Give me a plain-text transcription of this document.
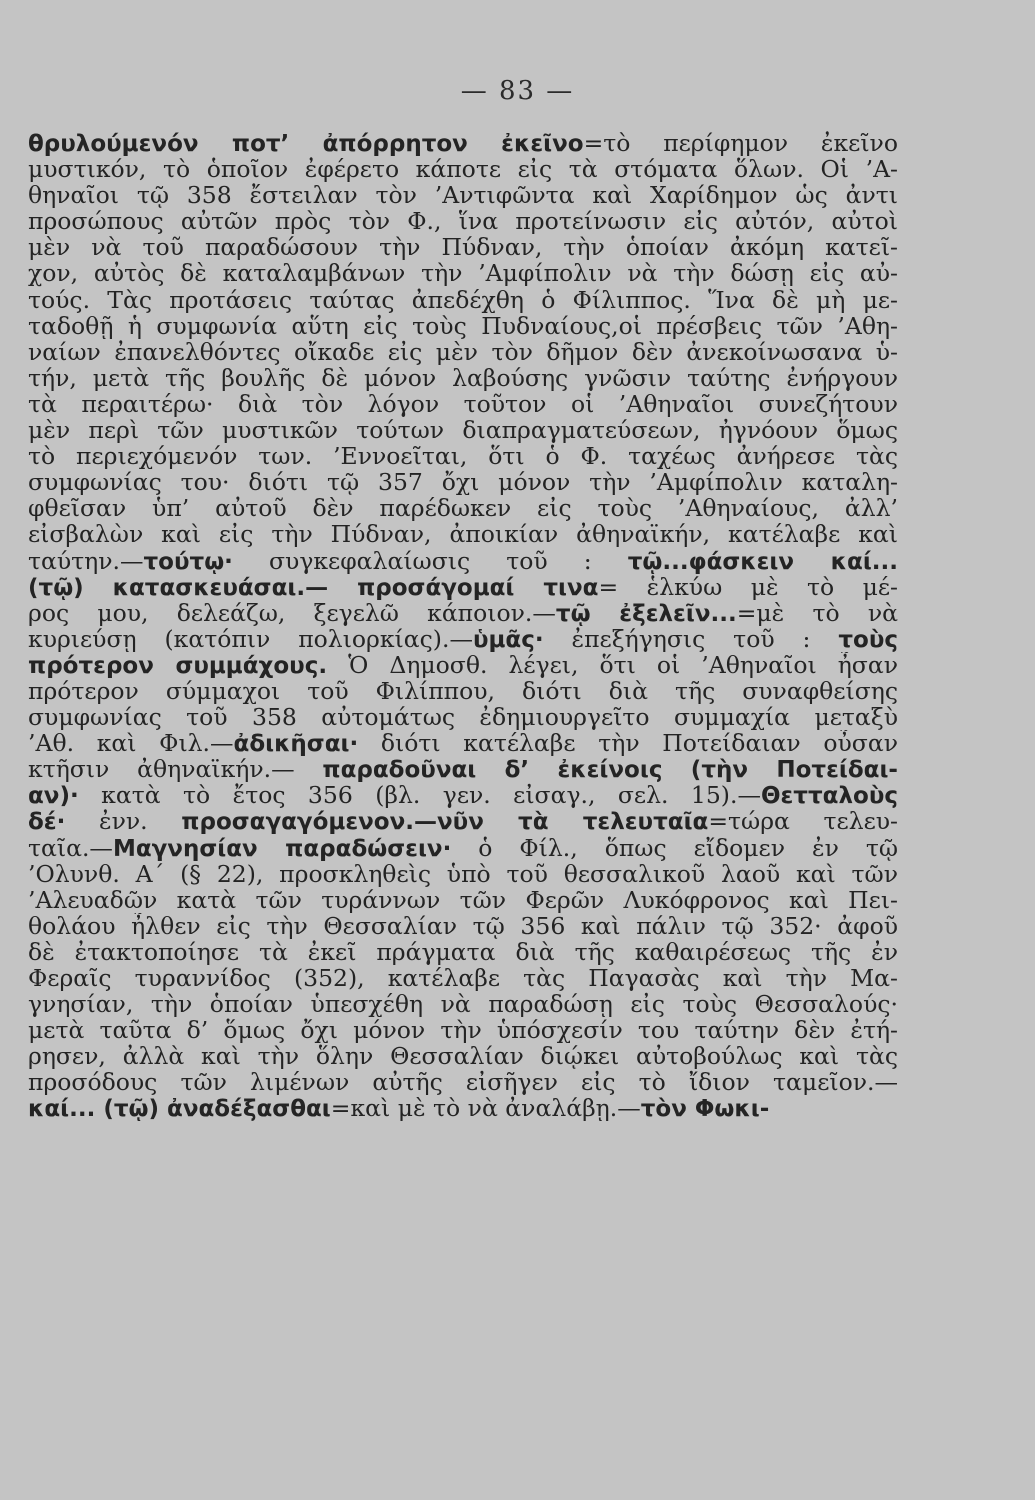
— 83 —
θρυλούμενόν ποτ’ ἀπόρρητον ἐκεῖνο=τὸ περίφημον ἐκεῖνο
μυστικόν, τὸ ὁποῖον ἐφέρετο κάποτε εἰς τὰ στόματα ὅλων. Οἱ ’Α-
θηναῖοι τῷ 358 ἔστειλαν τὸν ’Αντιφῶντα καὶ Χαρίδημον ὡς ἀντι
προσώπους αὐτῶν πρὸς τὸν Φ., ἵνα προτείνωσιν εἰς αὐτόν, αὐτοὶ
μὲν νὰ τοῦ παραδώσουν τὴν Πύδναν, τὴν ὁποίαν ἀκόμη κατεῖ-
χον, αὐτὸς δὲ καταλαμβάνων τὴν ’Αμφίπολιν νὰ τὴν δώσῃ εἰς αὐ-
τούς. Τὰς προτάσεις ταύτας ἀπεδέχθη ὁ Φίλιππος. Ἵνα δὲ μὴ με-
ταδοθῇ ἡ συμφωνία αὕτη εἰς τοὺς Πυδναίους,οἱ πρέσβεις τῶν ’Αθη-
ναίων ἐπανελθόντες οἴκαδε εἰς μὲν τὸν δῆμον δὲν ἀνεκοίνωσανα ὑ-
τήν, μετὰ τῆς βουλῆς δὲ μόνον λαβούσης γνῶσιν ταύτης ἐνήργουν
τὰ περαιτέρω· διὰ τὸν λόγον τοῦτον οἱ ’Αθηναῖοι συνεζήτουν
μὲν περὶ τῶν μυστικῶν τούτων διαπραγματεύσεων, ἠγνόουν ὅμως
τὸ περιεχόμενόν των. ’Εννοεῖται, ὅτι ὁ Φ. ταχέως ἀνήρεσε τὰς
συμφωνίας του· διότι τῷ 357 ὄχι μόνον τὴν ’Αμφίπολιν καταλη-
φθεῖσαν ὑπ’ αὐτοῦ δὲν παρέδωκεν εἰς τοὺς ’Αθηναίους, ἀλλ’
εἰσβαλὼν καὶ εἰς τὴν Πύδναν, ἀποικίαν ἀθηναϊκήν, κατέλαβε καὶ
ταύτην.—τούτῳ· συγκεφαλαίωσις τοῦ : τῷ...φάσκειν καί...
(τῷ) κατασκευάσαι.— προσάγομαί τινα= ἑλκύω μὲ τὸ μέ-
ρος μου, δελεάζω, ξεγελῶ κάποιον.—τῷ ἐξελεῖν...=μὲ τὸ νὰ
κυριεύσῃ (κατόπιν πολιορκίας).—ὑμᾶς· ἐπεξήγησις τοῦ : τοὺς
πρότερον συμμάχους. Ὁ Δημοσθ. λέγει, ὅτι οἱ ’Αθηναῖοι ἦσαν
πρότερον σύμμαχοι τοῦ Φιλίππου, διότι διὰ τῆς συναφθείσης
συμφωνίας τοῦ 358 αὐτομάτως ἐδημιουργεῖτο συμμαχία μεταξὺ
’Αθ. καὶ Φιλ.—ἀδικῆσαι· διότι κατέλαβε τὴν Ποτείδαιαν οὖσαν
κτῆσιν ἀθηναϊκήν.— παραδοῦναι δ’ ἐκείνοις (τὴν Ποτείδαι-
αν)· κατὰ τὸ ἔτος 356 (βλ. γεν. εἰσαγ., σελ. 15).—Θετταλοὺς
δέ· ἐνν. προσαγαγόμενον.—νῦν τὰ τελευταῖα=τώρα τελευ-
ταῖα.—Μαγνησίαν παραδώσειν· ὁ Φίλ., ὅπως εἴδομεν ἐν τῷ
’Ολυνθ. Α΄ (§ 22), προσκληθεὶς ὑπὸ τοῦ θεσσαλικοῦ λαοῦ καὶ τῶν
’Αλευαδῶν κατὰ τῶν τυράννων τῶν Φερῶν Λυκόφρονος καὶ Πει-
θολάου ἦλθεν εἰς τὴν Θεσσαλίαν τῷ 356 καὶ πάλιν τῷ 352· ἀφοῦ
δὲ ἐτακτοποίησε τὰ ἐκεῖ πράγματα διὰ τῆς καθαιρέσεως τῆς ἐν
Φεραῖς τυραννίδος (352), κατέλαβε τὰς Παγασὰς καὶ τὴν Μα-
γνησίαν, τὴν ὁποίαν ὑπεσχέθη νὰ παραδώσῃ εἰς τοὺς Θεσσαλούς·
μετὰ ταῦτα δ’ ὅμως ὄχι μόνον τὴν ὑπόσχεσίν του ταύτην δὲν ἐτή-
ρησεν, ἀλλὰ καὶ τὴν ὅλην Θεσσαλίαν διῴκει αὐτοβούλως καὶ τὰς
προσόδους τῶν λιμένων αὐτῆς εἰσῆγεν εἰς τὸ ἴδιον ταμεῖον.—
καί... (τῷ) ἀναδέξασθαι=καὶ μὲ τὸ νὰ ἀναλάβῃ.—τὸν Φωκι-
